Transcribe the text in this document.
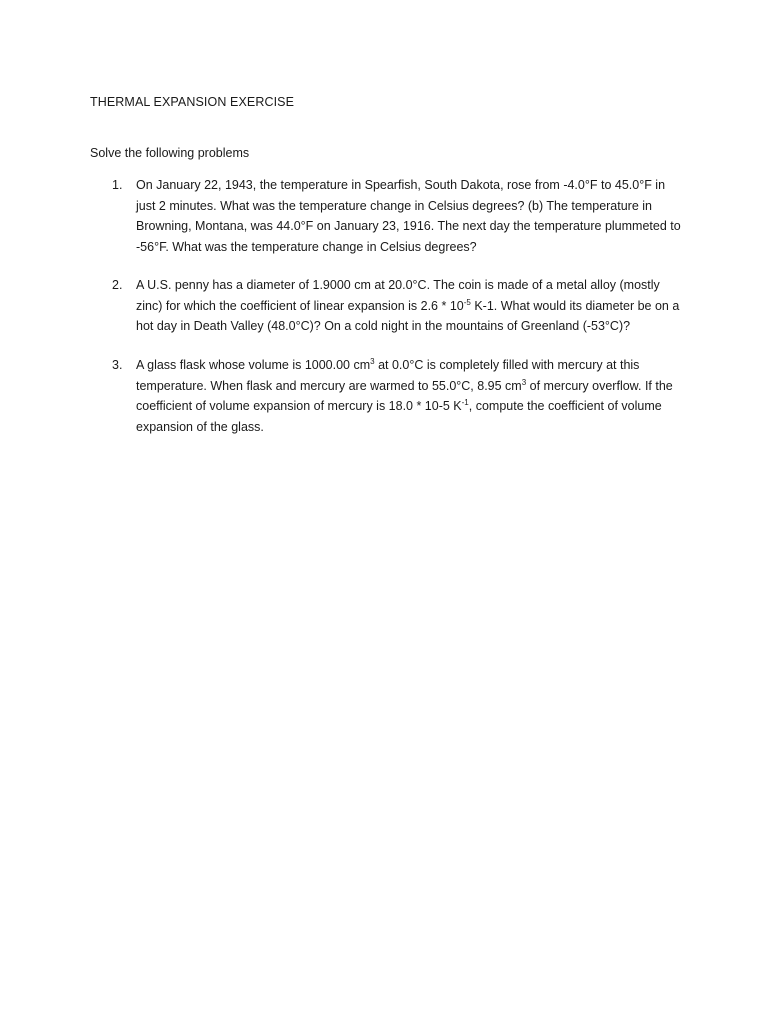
THERMAL EXPANSION EXERCISE
Solve the following problems
1. On January 22, 1943, the temperature in Spearfish, South Dakota, rose from -4.0°F to 45.0°F in just 2 minutes. What was the temperature change in Celsius degrees? (b) The temperature in Browning, Montana, was 44.0°F on January 23, 1916. The next day the temperature plummeted to -56°F. What was the temperature change in Celsius degrees?
2. A U.S. penny has a diameter of 1.9000 cm at 20.0°C. The coin is made of a metal alloy (mostly zinc) for which the coefficient of linear expansion is $2.6 * 10^{-5}$ K-1. What would its diameter be on a hot day in Death Valley (48.0°C)? On a cold night in the mountains of Greenland (-53°C)?
3. A glass flask whose volume is 1000.00 $cm^3$ at 0.0°C is completely filled with mercury at this temperature. When flask and mercury are warmed to 55.0°C, 8.95 $cm^3$ of mercury overflow. If the coefficient of volume expansion of mercury is 18.0 * 10-5 $K^{-1}$, compute the coefficient of volume expansion of the glass.
